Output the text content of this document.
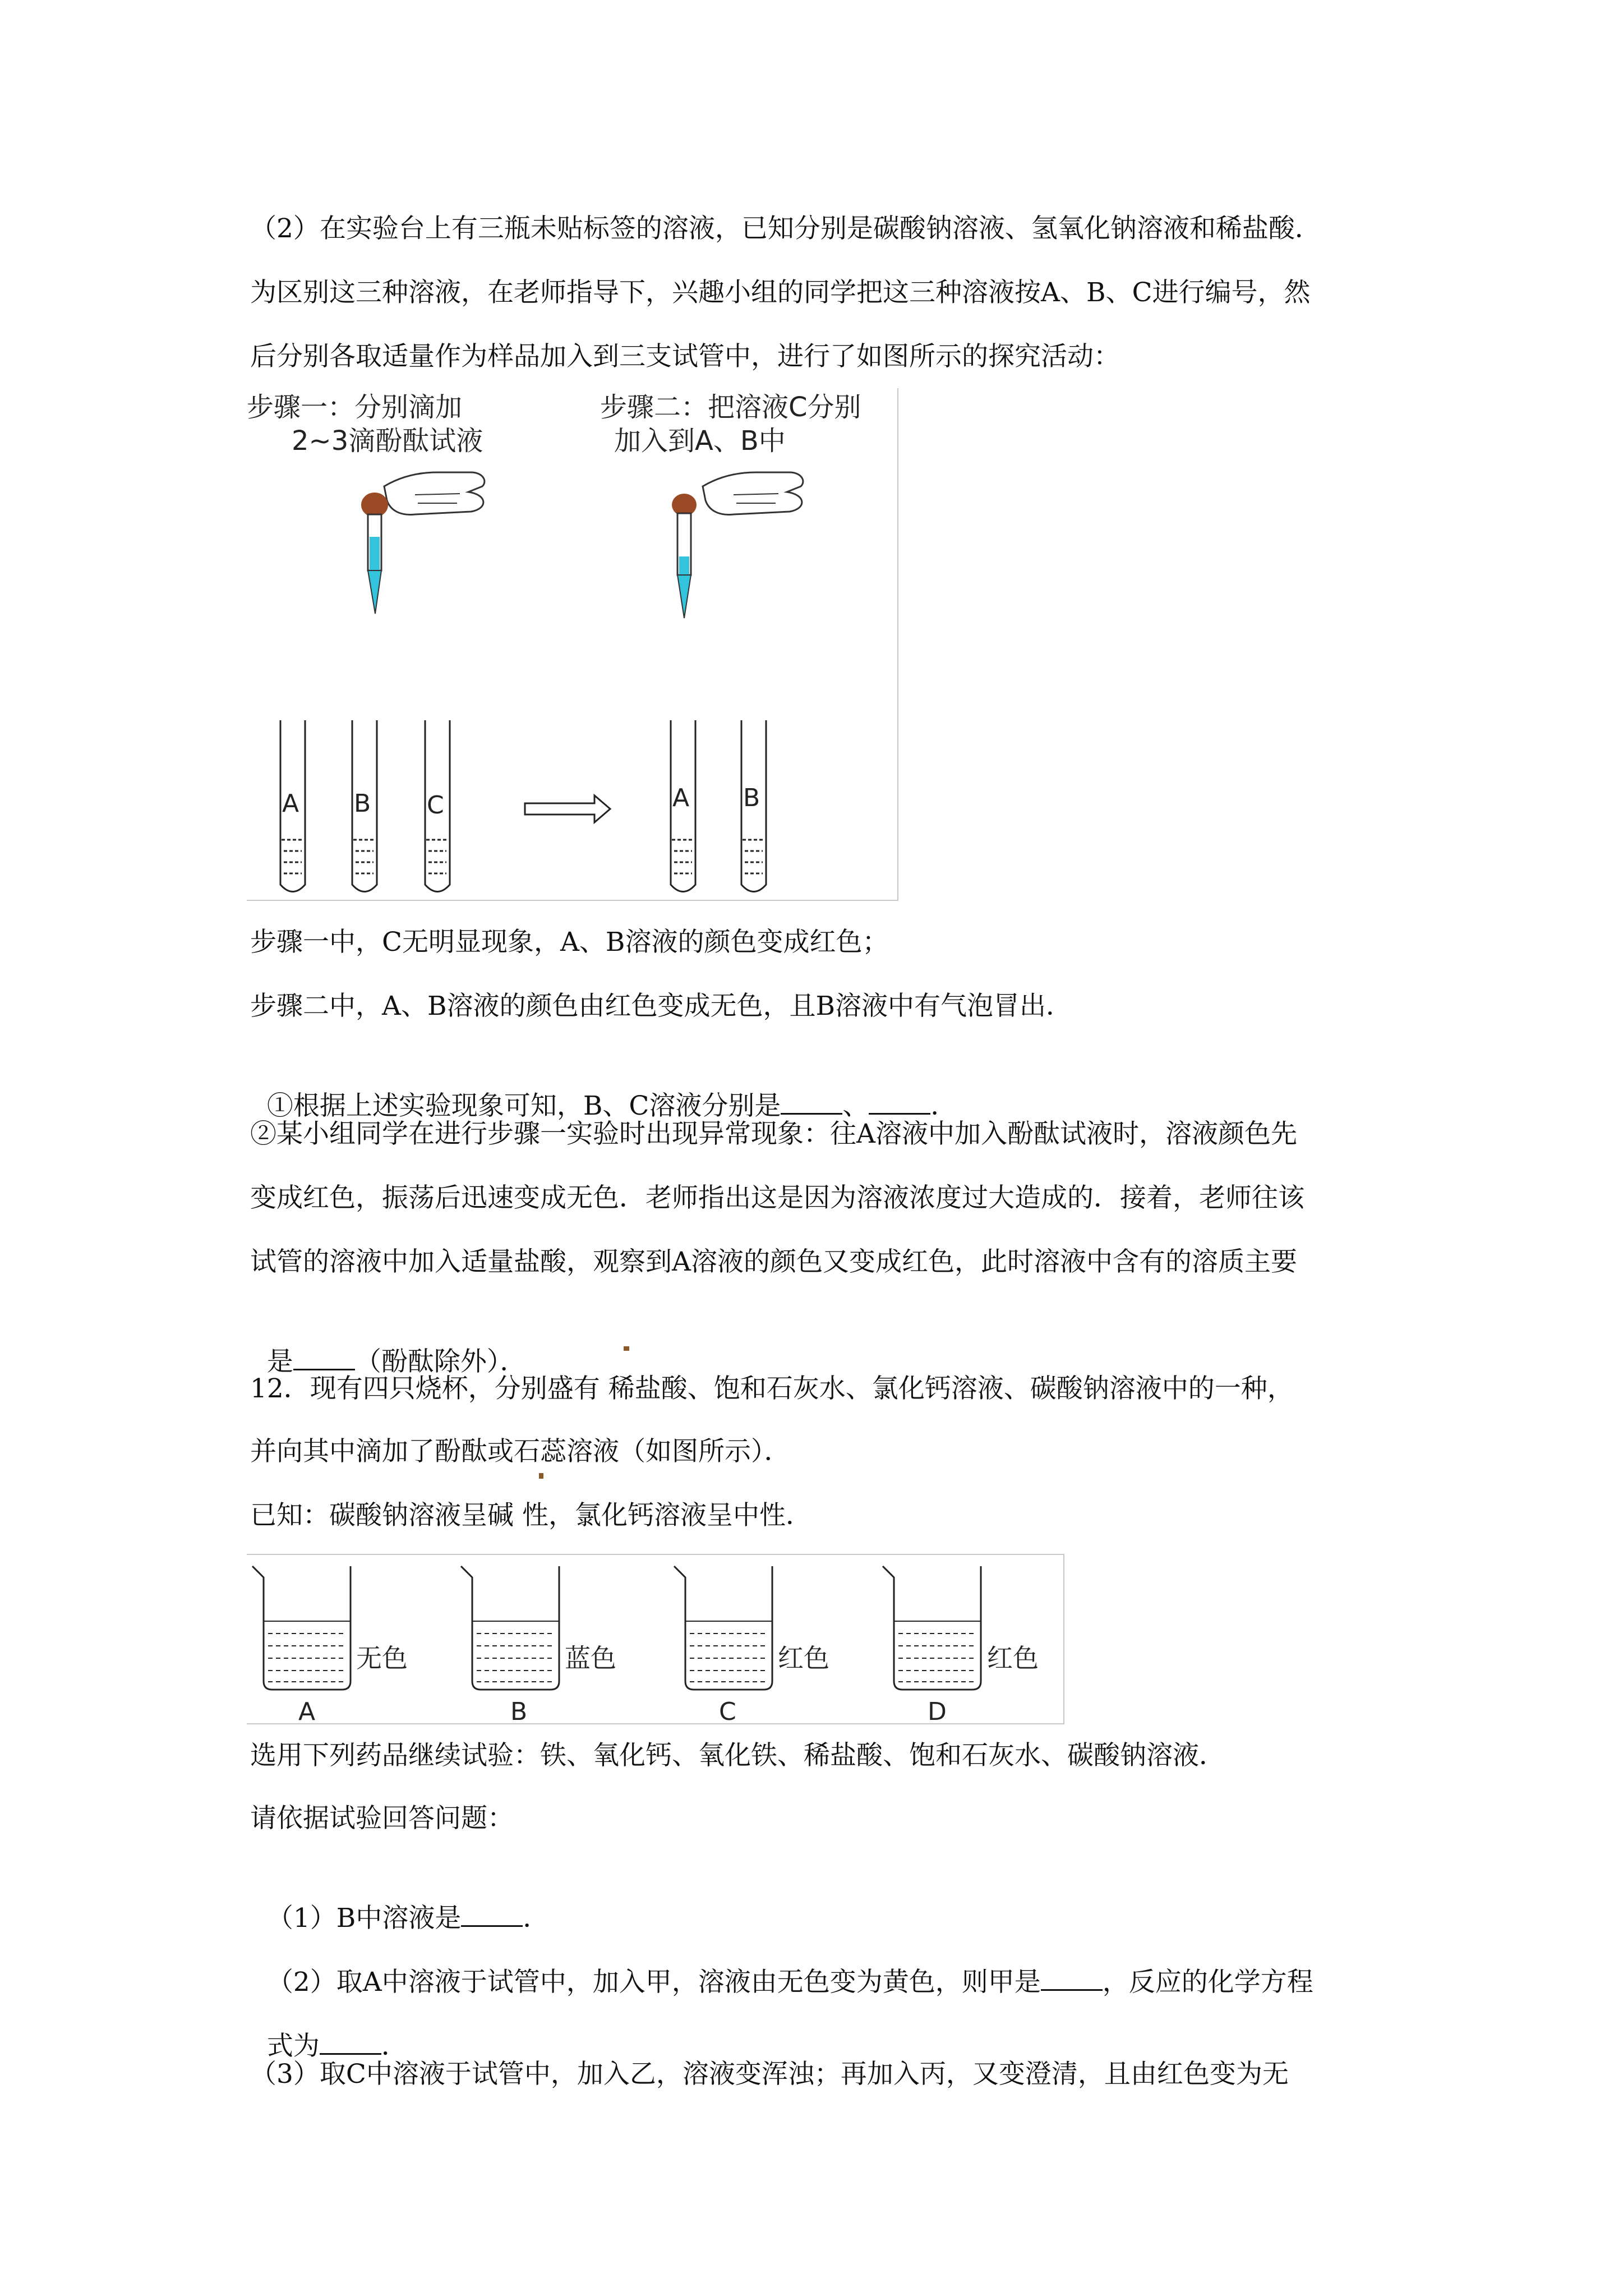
（2）在实验台上有三瓶未贴标签的溶液，已知分别是碳酸钠溶液、氢氧化钠溶液和稀盐酸．
为区别这三种溶液，在老师指导下，兴趣小组的同学把这三种溶液按A、B、C进行编号，然
后分别各取适量作为样品加入到三支试管中，进行了如图所示的探究活动：
步骤一：分别滴加
2~3滴酚酞试液
步骤二：把溶液C分别
加入到A、B中
A B C	A B
步骤一中，C无明显现象，A、B溶液的颜色变成红色；
步骤二中，A、B溶液的颜色由红色变成无色，且B溶液中有气泡冒出．

①根据上述实验现象可知，B、C溶液分别是 、 ．

②某小组同学在进行步骤一实验时出现异常现象：往A溶液中加入酚酞试液时，溶液颜色先
变成红色，振荡后迅速变成无色．老师指出这是因为溶液浓度过大造成的．接着，老师往该
试管的溶液中加入适量盐酸，观察到A溶液的颜色又变成红色，此时溶液中含有的溶质主要

是 （酚酞除外）．

12．现有四只烧杯，分别盛有 稀盐酸、饱和石灰水、氯化钙溶液、碳酸钠溶液中的一种，
并向其中滴加了酚酞或石蕊溶液（如图所示）．
已知：碳酸钠溶液呈碱 性，氯化钙溶液呈中性．
无色
A
蓝色
B
红色
C
红色
D
选用下列药品继续试验：铁、氧化钙、氧化铁、稀盐酸、饱和石灰水、碳酸钠溶液．
请依据试验回答问题：

（1）B中溶液是 ．

（2）取A中溶液于试管中，加入甲，溶液由无色变为黄色，则甲是 ，反应的化学方程

式为 ．

（3）取C中溶液于试管中，加入乙，溶液变浑浊；再加入丙，又变澄清，且由红色变为无
